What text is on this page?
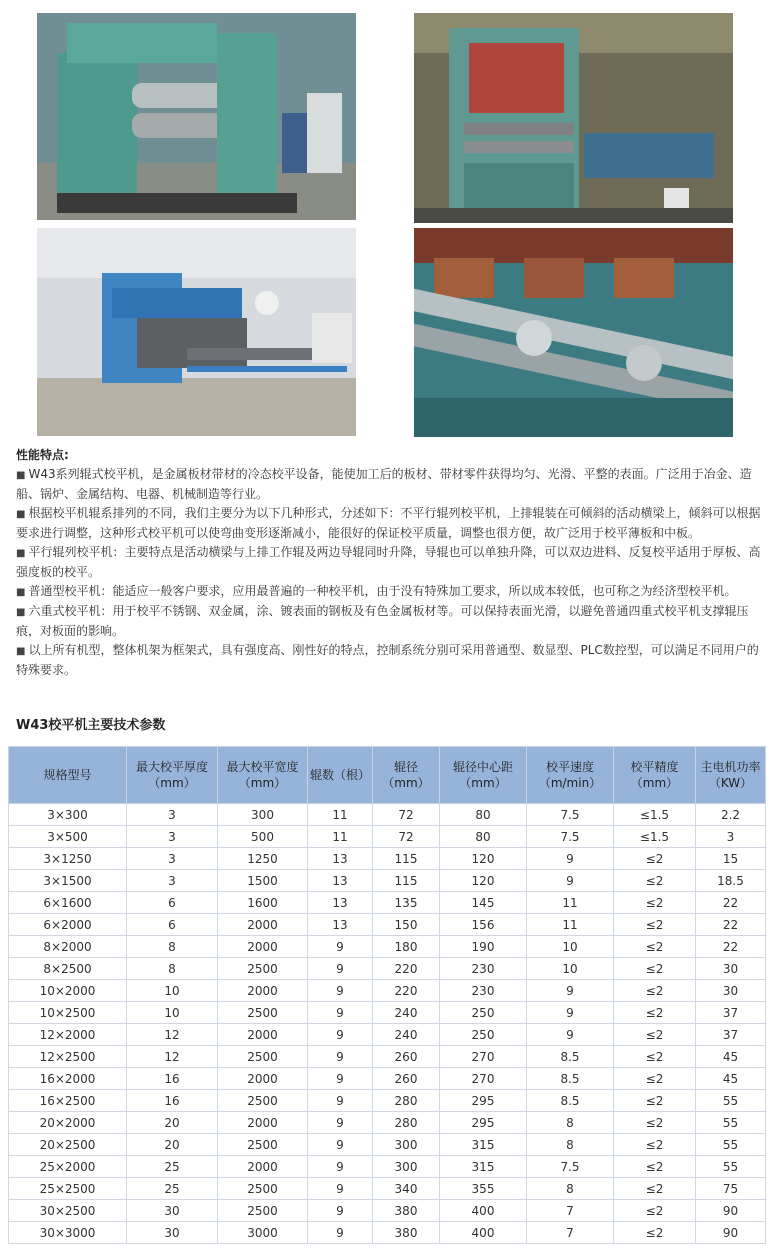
性能特点:

■ W43系列辊式校平机，是金属板材带材的冷态校平设备，能使加工后的板材、带材零件获得均匀、光滑、平整的表面。广泛用于冶金、造船、锅炉、金属结构、电器、机械制造等行业。

■ 根据校平机辊系排列的不同，我们主要分为以下几种形式，分述如下：不平行辊列校平机，上排辊装在可倾斜的活动横梁上，倾斜可以根据要求进行调整，这种形式校平机可以使弯曲变形逐渐减小，能很好的保证校平质量，调整也很方便，故广泛用于校平薄板和中板。

■ 平行辊列校平机：主要特点是活动横梁与上排工作辊及两边导辊同时升降，导辊也可以单独升降，可以双边进料、反复校平适用于厚板、高强度板的校平。

■ 普通型校平机：能适应一般客户要求，应用最普遍的一种校平机，由于没有特殊加工要求，所以成本较低，也可称之为经济型校平机。

■ 六重式校平机：用于校平不锈钢、双金属，涂、镀表面的钢板及有色金属板材等。可以保持表面光滑，以避免普通四重式校平机支撑辊压痕，对板面的影响。

■ 以上所有机型，整体机架为框架式，具有强度高、刚性好的特点，控制系统分别可采用普通型、数显型、PLC数控型，可以满足不同用户的特殊要求。

W43校平机主要技术参数
规格型号	最大校平厚度（mm）	最大校平宽度（mm）	辊数（根）	辊径（mm）	辊径中心距（mm）	校平速度（m/min）	校平精度（mm）	主电机功率（KW）
3×300	3	300	11	72	80	7.5	≤1.5	2.2
3×500	3	500	11	72	80	7.5	≤1.5	3
3×1250	3	1250	13	115	120	9	≤2	15
3×1500	3	1500	13	115	120	9	≤2	18.5
6×1600	6	1600	13	135	145	11	≤2	22
6×2000	6	2000	13	150	156	11	≤2	22
8×2000	8	2000	9	180	190	10	≤2	22
8×2500	8	2500	9	220	230	10	≤2	30
10×2000	10	2000	9	220	230	9	≤2	30
10×2500	10	2500	9	240	250	9	≤2	37
12×2000	12	2000	9	240	250	9	≤2	37
12×2500	12	2500	9	260	270	8.5	≤2	45
16×2000	16	2000	9	260	270	8.5	≤2	45
16×2500	16	2500	9	280	295	8.5	≤2	55
20×2000	20	2000	9	280	295	8	≤2	55
20×2500	20	2500	9	300	315	8	≤2	55
25×2000	25	2000	9	300	315	7.5	≤2	55
25×2500	25	2500	9	340	355	8	≤2	75
30×2500	30	2500	9	380	400	7	≤2	90
30×3000	30	3000	9	380	400	7	≤2	90
